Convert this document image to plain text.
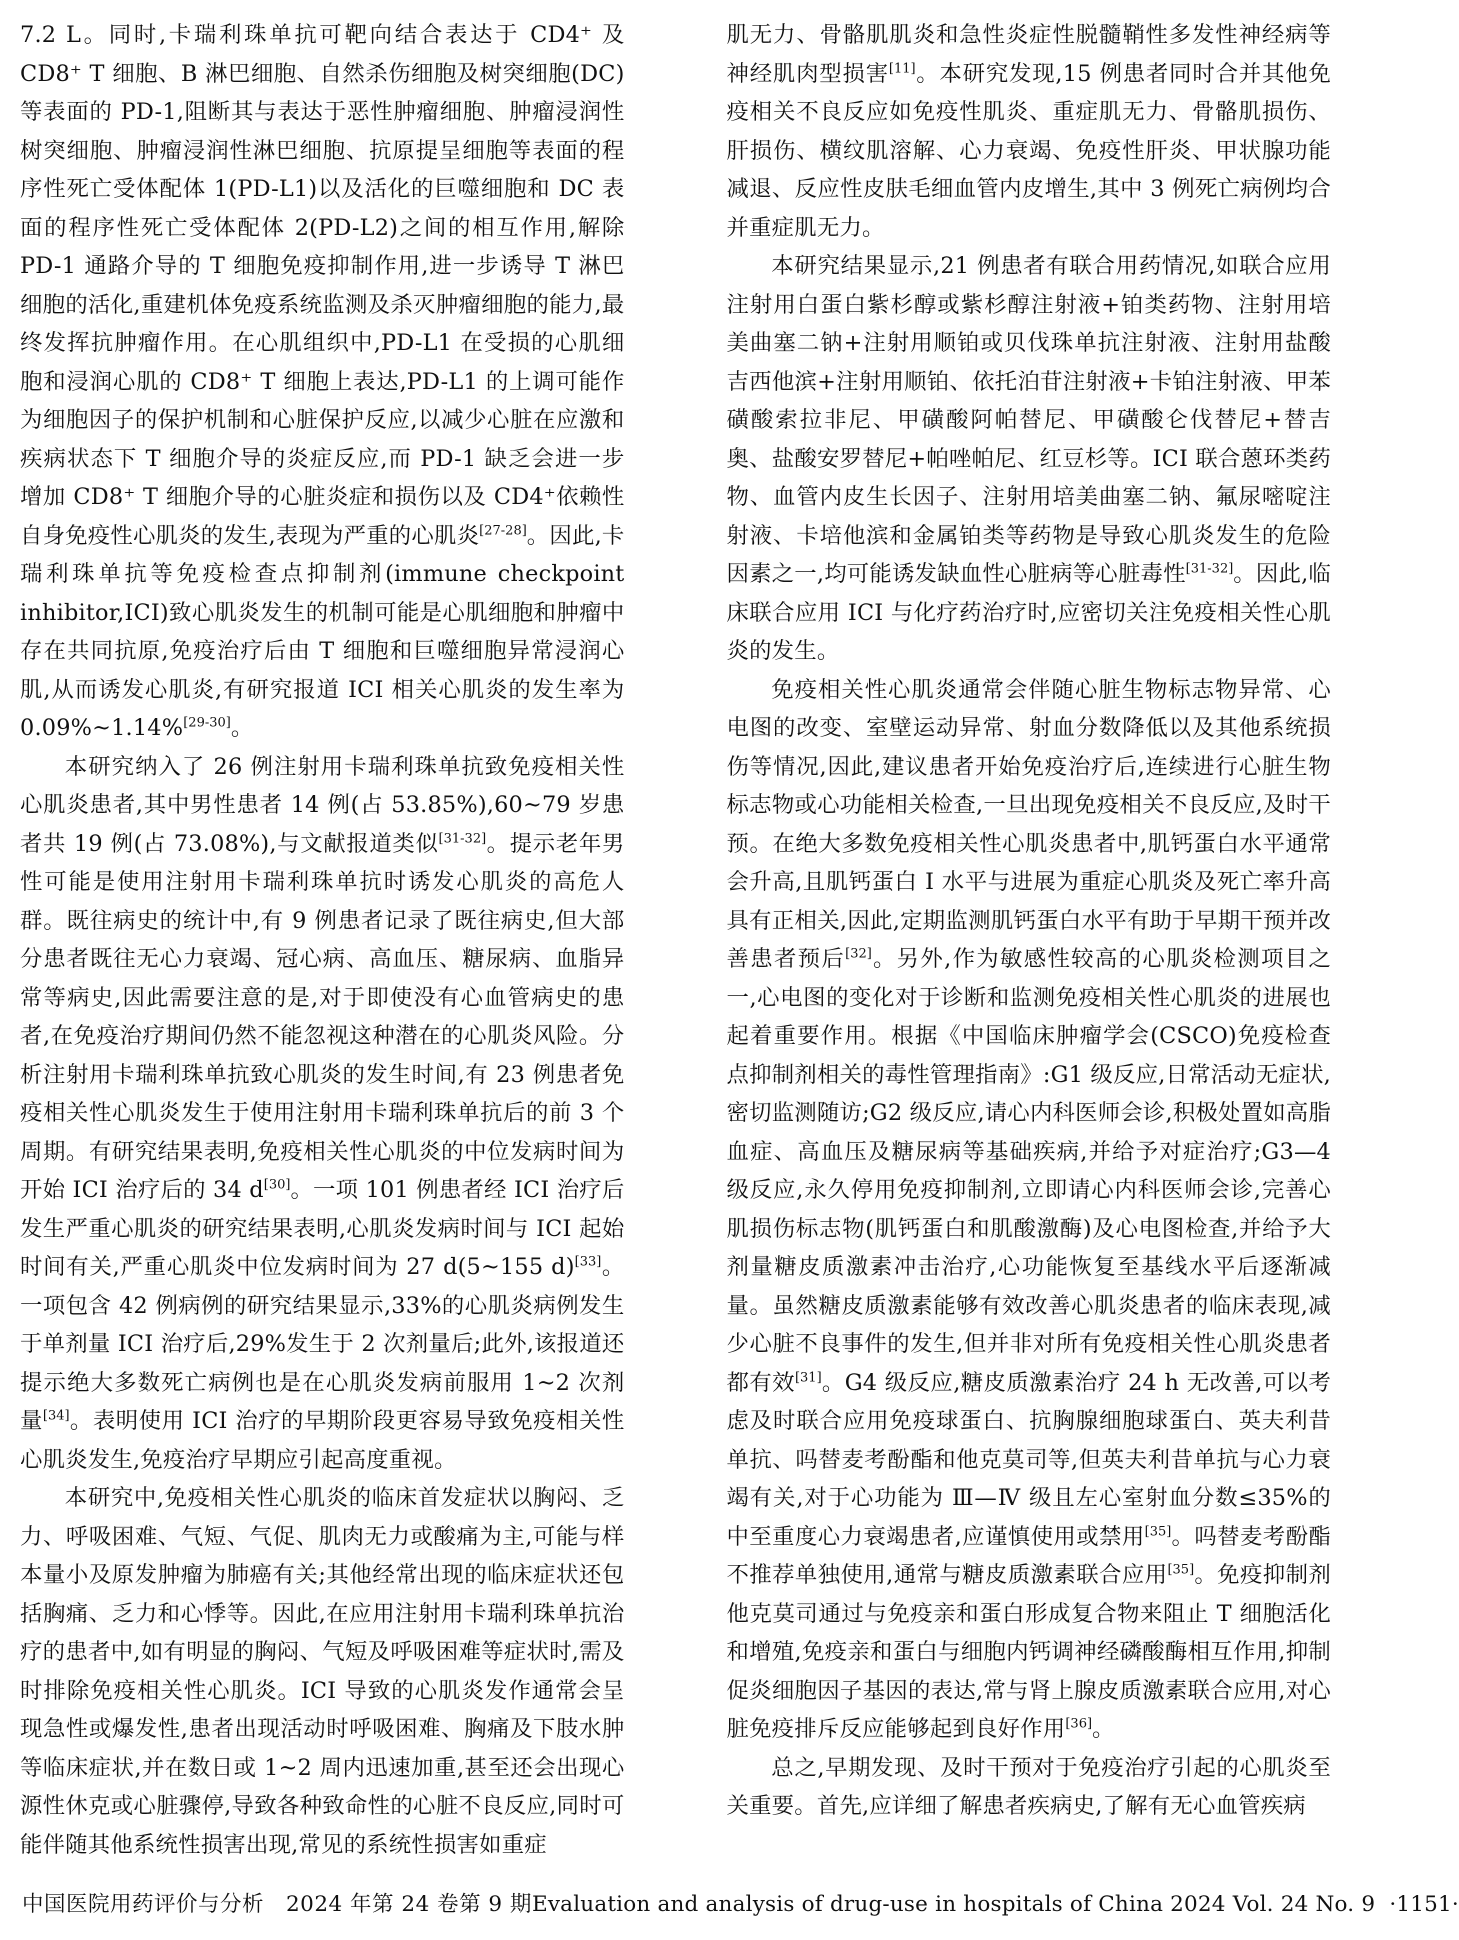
7.2 L。同时,卡瑞利珠单抗可靶向结合表达于 CD4⁺ 及 CD8⁺ T 细胞、B 淋巴细胞、自然杀伤细胞及树突细胞(DC)等表面的 PD-1,阻断其与表达于恶性肿瘤细胞、肿瘤浸润性树突细胞、肿瘤浸润性淋巴细胞、抗原提呈细胞等表面的程序性死亡受体配体 1(PD-L1)以及活化的巨噬细胞和 DC 表面的程序性死亡受体配体 2(PD-L2)之间的相互作用,解除 PD-1 通路介导的 T 细胞免疫抑制作用,进一步诱导 T 淋巴细胞的活化,重建机体免疫系统监测及杀灭肿瘤细胞的能力,最终发挥抗肿瘤作用。在心肌组织中,PD-L1 在受损的心肌细胞和浸润心肌的 CD8⁺ T 细胞上表达,PD-L1 的上调可能作为细胞因子的保护机制和心脏保护反应,以减少心脏在应激和疾病状态下 T 细胞介导的炎症反应,而 PD-1 缺乏会进一步增加 CD8⁺ T 细胞介导的心脏炎症和损伤以及 CD4⁺依赖性自身免疫性心肌炎的发生,表现为严重的心肌炎[27-28]。因此,卡瑞利珠单抗等免疫检查点抑制剂(immune checkpoint inhibitor,ICI)致心肌炎发生的机制可能是心肌细胞和肿瘤中存在共同抗原,免疫治疗后由 T 细胞和巨噬细胞异常浸润心肌,从而诱发心肌炎,有研究报道 ICI 相关心肌炎的发生率为 0.09%~1.14%[29-30]。

本研究纳入了 26 例注射用卡瑞利珠单抗致免疫相关性心肌炎患者,其中男性患者 14 例(占 53.85%),60~79 岁患者共 19 例(占 73.08%),与文献报道类似[31-32]。提示老年男性可能是使用注射用卡瑞利珠单抗时诱发心肌炎的高危人群。既往病史的统计中,有 9 例患者记录了既往病史,但大部分患者既往无心力衰竭、冠心病、高血压、糖尿病、血脂异常等病史,因此需要注意的是,对于即使没有心血管病史的患者,在免疫治疗期间仍然不能忽视这种潜在的心肌炎风险。分析注射用卡瑞利珠单抗致心肌炎的发生时间,有 23 例患者免疫相关性心肌炎发生于使用注射用卡瑞利珠单抗后的前 3 个周期。有研究结果表明,免疫相关性心肌炎的中位发病时间为开始 ICI 治疗后的 34 d[30]。一项 101 例患者经 ICI 治疗后发生严重心肌炎的研究结果表明,心肌炎发病时间与 ICI 起始时间有关,严重心肌炎中位发病时间为 27 d(5~155 d)[33]。一项包含 42 例病例的研究结果显示,33%的心肌炎病例发生于单剂量 ICI 治疗后,29%发生于 2 次剂量后;此外,该报道还提示绝大多数死亡病例也是在心肌炎发病前服用 1~2 次剂量[34]。表明使用 ICI 治疗的早期阶段更容易导致免疫相关性心肌炎发生,免疫治疗早期应引起高度重视。

本研究中,免疫相关性心肌炎的临床首发症状以胸闷、乏力、呼吸困难、气短、气促、肌肉无力或酸痛为主,可能与样本量小及原发肿瘤为肺癌有关;其他经常出现的临床症状还包括胸痛、乏力和心悸等。因此,在应用注射用卡瑞利珠单抗治疗的患者中,如有明显的胸闷、气短及呼吸困难等症状时,需及时排除免疫相关性心肌炎。ICI 导致的心肌炎发作通常会呈现急性或爆发性,患者出现活动时呼吸困难、胸痛及下肢水肿等临床症状,并在数日或 1~2 周内迅速加重,甚至还会出现心源性休克或心脏骤停,导致各种致命性的心脏不良反应,同时可能伴随其他系统性损害出现,常见的系统性损害如重症

肌无力、骨骼肌肌炎和急性炎症性脱髓鞘性多发性神经病等神经肌肉型损害[11]。本研究发现,15 例患者同时合并其他免疫相关不良反应如免疫性肌炎、重症肌无力、骨骼肌损伤、肝损伤、横纹肌溶解、心力衰竭、免疫性肝炎、甲状腺功能减退、反应性皮肤毛细血管内皮增生,其中 3 例死亡病例均合并重症肌无力。

本研究结果显示,21 例患者有联合用药情况,如联合应用注射用白蛋白紫杉醇或紫杉醇注射液+铂类药物、注射用培美曲塞二钠+注射用顺铂或贝伐珠单抗注射液、注射用盐酸吉西他滨+注射用顺铂、依托泊苷注射液+卡铂注射液、甲苯磺酸索拉非尼、甲磺酸阿帕替尼、甲磺酸仑伐替尼+替吉奥、盐酸安罗替尼+帕唑帕尼、红豆杉等。ICI 联合蒽环类药物、血管内皮生长因子、注射用培美曲塞二钠、氟尿嘧啶注射液、卡培他滨和金属铂类等药物是导致心肌炎发生的危险因素之一,均可能诱发缺血性心脏病等心脏毒性[31-32]。因此,临床联合应用 ICI 与化疗药治疗时,应密切关注免疫相关性心肌炎的发生。

免疫相关性心肌炎通常会伴随心脏生物标志物异常、心电图的改变、室壁运动异常、射血分数降低以及其他系统损伤等情况,因此,建议患者开始免疫治疗后,连续进行心脏生物标志物或心功能相关检查,一旦出现免疫相关不良反应,及时干预。在绝大多数免疫相关性心肌炎患者中,肌钙蛋白水平通常会升高,且肌钙蛋白 I 水平与进展为重症心肌炎及死亡率升高具有正相关,因此,定期监测肌钙蛋白水平有助于早期干预并改善患者预后[32]。另外,作为敏感性较高的心肌炎检测项目之一,心电图的变化对于诊断和监测免疫相关性心肌炎的进展也起着重要作用。根据《中国临床肿瘤学会(CSCO)免疫检查点抑制剂相关的毒性管理指南》:G1 级反应,日常活动无症状,密切监测随访;G2 级反应,请心内科医师会诊,积极处置如高脂血症、高血压及糖尿病等基础疾病,并给予对症治疗;G3—4 级反应,永久停用免疫抑制剂,立即请心内科医师会诊,完善心肌损伤标志物(肌钙蛋白和肌酸激酶)及心电图检查,并给予大剂量糖皮质激素冲击治疗,心功能恢复至基线水平后逐渐减量。虽然糖皮质激素能够有效改善心肌炎患者的临床表现,减少心脏不良事件的发生,但并非对所有免疫相关性心肌炎患者都有效[31]。G4 级反应,糖皮质激素治疗 24 h 无改善,可以考虑及时联合应用免疫球蛋白、抗胸腺细胞球蛋白、英夫利昔单抗、吗替麦考酚酯和他克莫司等,但英夫利昔单抗与心力衰竭有关,对于心功能为 Ⅲ—Ⅳ 级且左心室射血分数≤35%的中至重度心力衰竭患者,应谨慎使用或禁用[35]。吗替麦考酚酯不推荐单独使用,通常与糖皮质激素联合应用[35]。免疫抑制剂他克莫司通过与免疫亲和蛋白形成复合物来阻止 T 细胞活化和增殖,免疫亲和蛋白与细胞内钙调神经磷酸酶相互作用,抑制促炎细胞因子基因的表达,常与肾上腺皮质激素联合应用,对心脏免疫排斥反应能够起到良好作用[36]。

总之,早期发现、及时干预对于免疫治疗引起的心肌炎至关重要。首先,应详细了解患者疾病史,了解有无心血管疾病

中国医院用药评价与分析　2024 年第 24 卷第 9 期 Evaluation and analysis of drug-use in hospitals of China 2024 Vol. 24 No. 9 ·1151·
